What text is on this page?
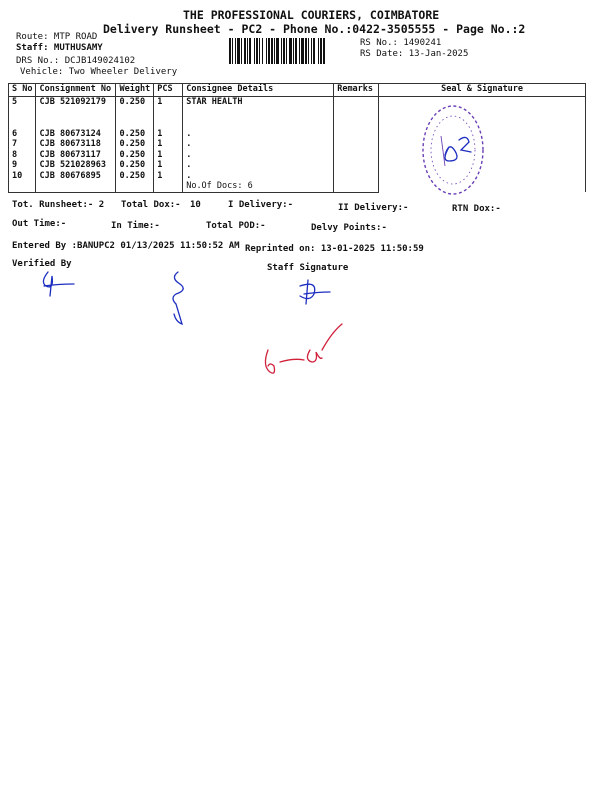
THE PROFESSIONAL COURIERS, COIMBATORE
Delivery Runsheet - PC2 - Phone No.:0422-3505555 - Page No.:2
Route: MTP ROAD
Staff: MUTHUSAMY
DRS No.: DCJB149024102
Vehicle: Two Wheeler Delivery
RS No.: 1490241
RS Date: 13-Jan-2025
S No	Consignment No	Weight	PCS	Consignee Details	Remarks	Seal & Signature
5	CJB 521092179	0.250	1	STAR HEALTH		

6	CJB 80673124	0.250	1	.		
7	CJB 80673118	0.250	1	.		
8	CJB 80673117	0.250	1	.		
9	CJB 521028963	0.250	1	.		
10	CJB 80676895	0.250	1	.		
				No.Of Docs: 6		
Tot. Runsheet:- 2 Total Dox:- 10	I Delivery:-	II Delivery:-	RTN Dox:-
Out Time:-	In Time:-	Total POD:-	Delvy Points:-
Entered By :BANUPC2 01/13/2025 11:50:52 AM Reprinted on: 13-01-2025 11:50:59
Verified By	Staff Signature
